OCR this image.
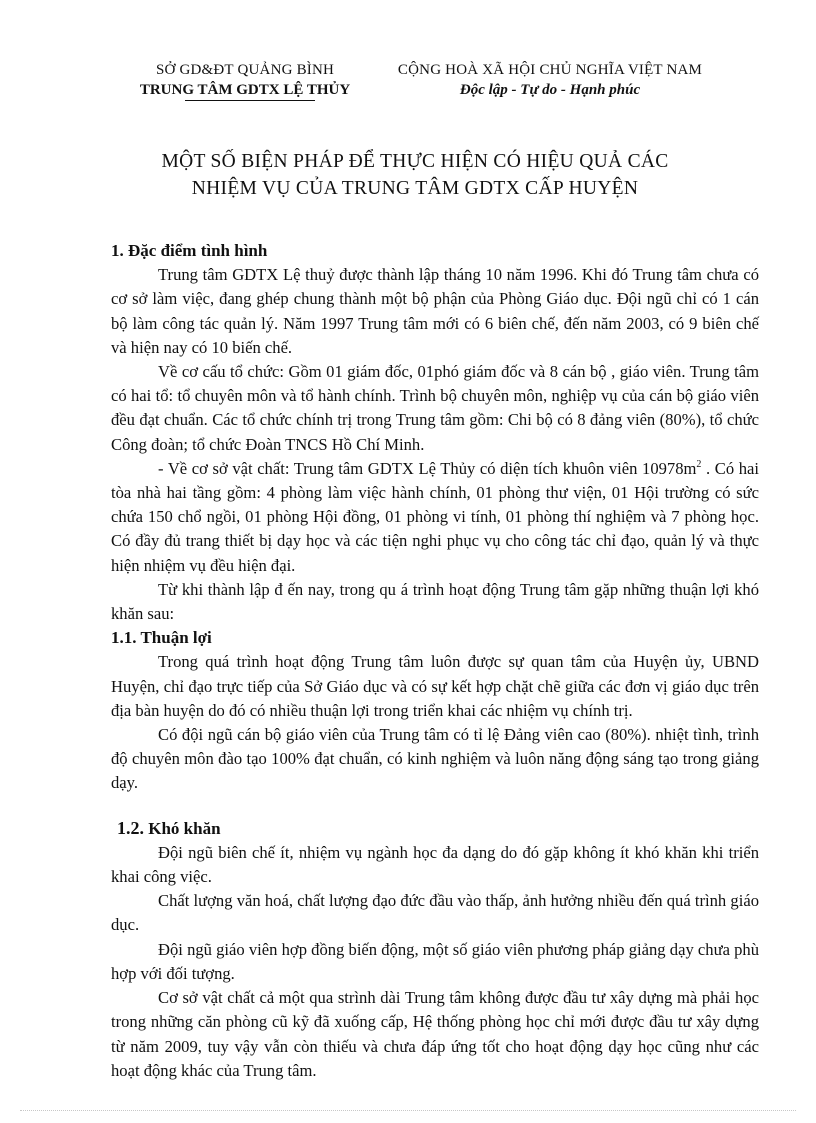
SỞ GD&ĐT QUẢNG BÌNH
TRUNG TÂM GDTX LỆ THỦY
CỘNG HOÀ XÃ HỘI CHỦ NGHĨA VIỆT NAM
Độc lập - Tự do - Hạnh phúc
MỘT SỐ BIỆN PHÁP ĐỂ THỰC HIỆN CÓ HIỆU QUẢ CÁC
NHIỆM VỤ CỦA TRUNG TÂM GDTX CẤP HUYỆN

1. Đặc điểm tình hình

Trung tâm GDTX Lệ thuỷ được thành lập tháng 10 năm 1996. Khi đó Trung tâm chưa có cơ sở làm việc, đang ghép chung thành một bộ phận của Phòng Giáo dục. Đội ngũ chỉ có 1 cán bộ làm công tác quản lý. Năm 1997 Trung tâm mới có 6 biên chế, đến năm 2003, có 9 biên chế và hiện nay có 10 biến chế.

Về cơ cấu tổ chức: Gồm 01 giám đốc, 01phó giám đốc và 8 cán bộ , giáo viên. Trung tâm có hai tổ: tổ chuyên môn và tổ hành chính. Trình bộ chuyên môn, nghiệp vụ của cán bộ giáo viên đều đạt chuẩn. Các tổ chức chính trị trong Trung tâm gồm: Chi bộ có 8 đảng viên (80%), tổ chức Công đoàn; tổ chức Đoàn TNCS Hồ Chí Minh.

- Về cơ sở vật chất: Trung tâm GDTX Lệ Thủy có diện tích khuôn viên $10978m^2$ . Có hai tòa nhà hai tầng gồm: 4 phòng làm việc hành chính, 01 phòng thư viện, 01 Hội trường có sức chứa 150 chổ ngồi, 01 phòng Hội đồng, 01 phòng vi tính, 01 phòng thí nghiệm và 7 phòng học. Có đầy đủ trang thiết bị dạy học và các tiện nghi phục vụ cho công tác chỉ đạo, quản lý và thực hiện nhiệm vụ đều hiện đại.

Từ khi thành lập đ ến nay, trong qu á trình hoạt động Trung tâm gặp những thuận lợi khó khăn sau:

1.1. Thuận lợi

Trong quá trình hoạt động Trung tâm luôn được sự quan tâm của Huyện ủy, UBND Huyện, chỉ đạo trực tiếp của Sở Giáo dục và có sự kết hợp chặt chẽ giữa các đơn vị giáo dục trên địa bàn huyện do đó có nhiều thuận lợi trong triển khai các nhiệm vụ chính trị.

Có đội ngũ cán bộ giáo viên của Trung tâm có tỉ lệ Đảng viên cao (80%). nhiệt tình, trình độ chuyên môn đào tạo 100% đạt chuẩn, có kinh nghiệm và luôn năng động sáng tạo trong giảng dạy.

1.2. Khó khăn

Đội ngũ biên chế ít, nhiệm vụ ngành học đa dạng do đó gặp không ít khó khăn khi triển khai công việc.

Chất lượng văn hoá, chất lượng đạo đức đầu vào thấp, ảnh hưởng nhiều đến quá trình giáo dục.

Đội ngũ giáo viên hợp đồng biến động, một số giáo viên phương pháp giảng dạy chưa phù hợp với đối tượng.

Cơ sở vật chất cả một qua strình dài Trung tâm không được đầu tư xây dựng mà phải học trong những căn phòng cũ kỹ đã xuống cấp, Hệ thống phòng học chỉ mới được đầu tư xây dựng từ năm 2009, tuy vậy vẫn còn thiếu và chưa đáp ứng tốt cho hoạt động dạy học cũng như các hoạt động khác của Trung tâm.
